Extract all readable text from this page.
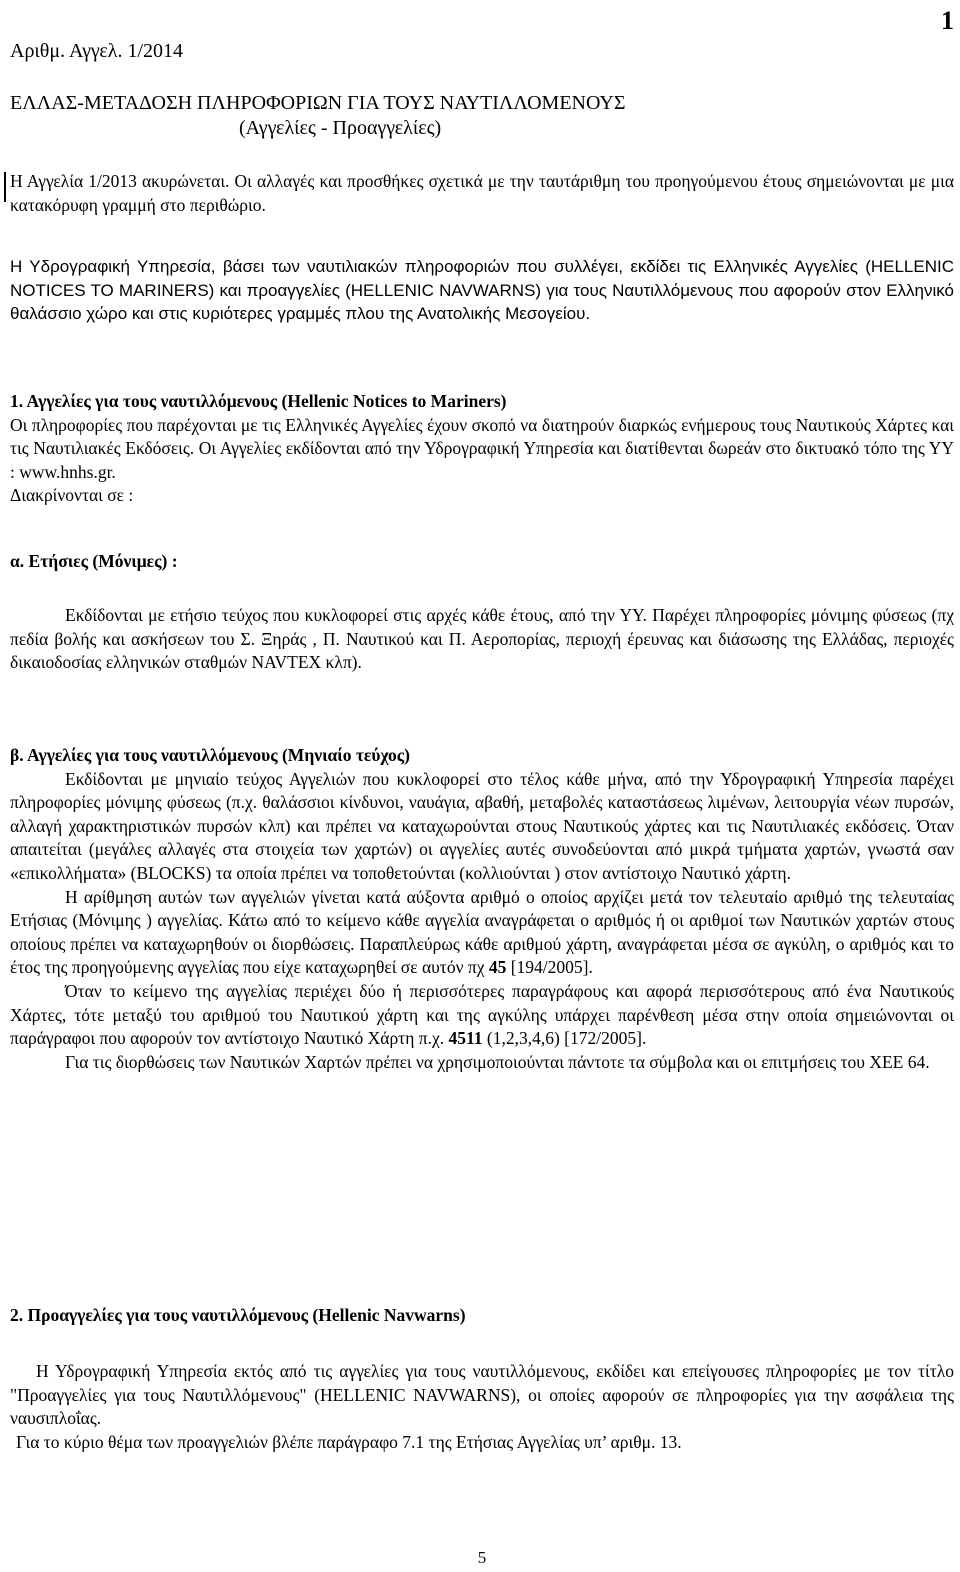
Αριθμ. Αγγελ. 1/2014
1
ΕΛΛΑΣ-ΜΕΤΑΔΟΣΗ ΠΛΗΡΟΦΟΡΙΩΝ ΓΙΑ ΤΟΥΣ ΝΑΥΤΙΛΛΟΜΕΝΟΥΣ
(Αγγελίες - Προαγγελίες)

Η Αγγελία 1/2013 ακυρώνεται. Οι αλλαγές και προσθήκες σχετικά με την ταυτάριθμη του προηγούμενου έτους σημειώνονται με μια κατακόρυφη γραμμή στο περιθώριο.

Η Υδρογραφική Υπηρεσία, βάσει των ναυτιλιακών πληροφοριών που συλλέγει, εκδίδει τις Ελληνικές Αγγελίες (HELLENIC NOTICES TO MARINERS) και προαγγελίες (HELLENIC NAVWARNS) για τους Ναυτιλλόμενους που αφορούν στον Ελληνικό θαλάσσιο χώρο και στις κυριότερες γραμμές πλου της Ανατολικής Μεσογείου.

1. Αγγελίες για τους ναυτιλλόμενους (Hellenic Notices to Mariners)

Οι πληροφορίες που παρέχονται με τις Ελληνικές Αγγελίες έχουν σκοπό να διατηρούν διαρκώς ενήμερους τους Ναυτικούς Χάρτες και τις Ναυτιλιακές Εκδόσεις. Οι Αγγελίες εκδίδονται από την Υδρογραφική Υπηρεσία και διατίθενται δωρεάν στο δικτυακό τόπο της ΥΥ : www.hnhs.gr.

Διακρίνονται σε :

α. Ετήσιες (Μόνιμες) :

Εκδίδονται με ετήσιο τεύχος που κυκλοφορεί στις αρχές κάθε έτους, από την ΥΥ. Παρέχει πληροφορίες μόνιμης φύσεως (πχ πεδία βολής και ασκήσεων του Σ. Ξηράς , Π. Ναυτικού και Π. Αεροπορίας, περιοχή έρευνας και διάσωσης της Ελλάδας, περιοχές δικαιοδοσίας ελληνικών σταθμών NAVTEX κλπ).

β. Αγγελίες για τους ναυτιλλόμενους (Μηνιαίο τεύχος)

Εκδίδονται με μηνιαίο τεύχος Αγγελιών που κυκλοφορεί στο τέλος κάθε μήνα, από την Υδρογραφική Υπηρεσία παρέχει πληροφορίες μόνιμης φύσεως (π.χ. θαλάσσιοι κίνδυνοι, ναυάγια, αβαθή, μεταβολές καταστάσεως λιμένων, λειτουργία νέων πυρσών, αλλαγή χαρακτηριστικών πυρσών κλπ) και πρέπει να καταχωρούνται στους Ναυτικούς χάρτες και τις Ναυτιλιακές εκδόσεις. Όταν απαιτείται (μεγάλες αλλαγές στα στοιχεία των χαρτών) οι αγγελίες αυτές συνοδεύονται από μικρά τμήματα χαρτών, γνωστά σαν «επικολλήματα» (BLOCKS) τα οποία πρέπει να τοποθετούνται (κολλιούνται ) στον αντίστοιχο Ναυτικό χάρτη.

Η αρίθμηση αυτών των αγγελιών γίνεται κατά αύξοντα αριθμό ο οποίος αρχίζει μετά τον τελευταίο αριθμό της τελευταίας Ετήσιας (Μόνιμης ) αγγελίας. Κάτω από το κείμενο κάθε αγγελία αναγράφεται ο αριθμός ή οι αριθμοί των Ναυτικών χαρτών στους οποίους πρέπει να καταχωρηθούν οι διορθώσεις. Παραπλεύρως κάθε αριθμού χάρτη, αναγράφεται μέσα σε αγκύλη, ο αριθμός και το έτος της προηγούμενης αγγελίας που είχε καταχωρηθεί σε αυτόν πχ 45 [194/2005].

Όταν το κείμενο της αγγελίας περιέχει δύο ή περισσότερες παραγράφους και αφορά περισσότερους από ένα Ναυτικούς Χάρτες, τότε μεταξύ του αριθμού του Ναυτικού χάρτη και της αγκύλης υπάρχει παρένθεση μέσα στην οποία σημειώνονται οι παράγραφοι που αφορούν τον αντίστοιχο Ναυτικό Χάρτη π.χ. 4511 (1,2,3,4,6) [172/2005].

Για τις διορθώσεις των Ναυτικών Χαρτών πρέπει να χρησιμοποιούνται πάντοτε τα σύμβολα και οι επιτμήσεις του ΧΕΕ 64.

2. Προαγγελίες για τους ναυτιλλόμενους (Hellenic Navwarns)

Η Υδρογραφική Υπηρεσία εκτός από τις αγγελίες για τους ναυτιλλόμενους, εκδίδει και επείγουσες πληροφορίες με τον τίτλο "Προαγγελίες για τους Ναυτιλλόμενους" (HELLENIC NAVWARNS), οι οποίες αφορούν σε πληροφορίες για την ασφάλεια της ναυσιπλοΐας.

Για το κύριο θέμα των προαγγελιών βλέπε παράγραφο 7.1 της Ετήσιας Αγγελίας υπ’ αριθμ. 13.

5
